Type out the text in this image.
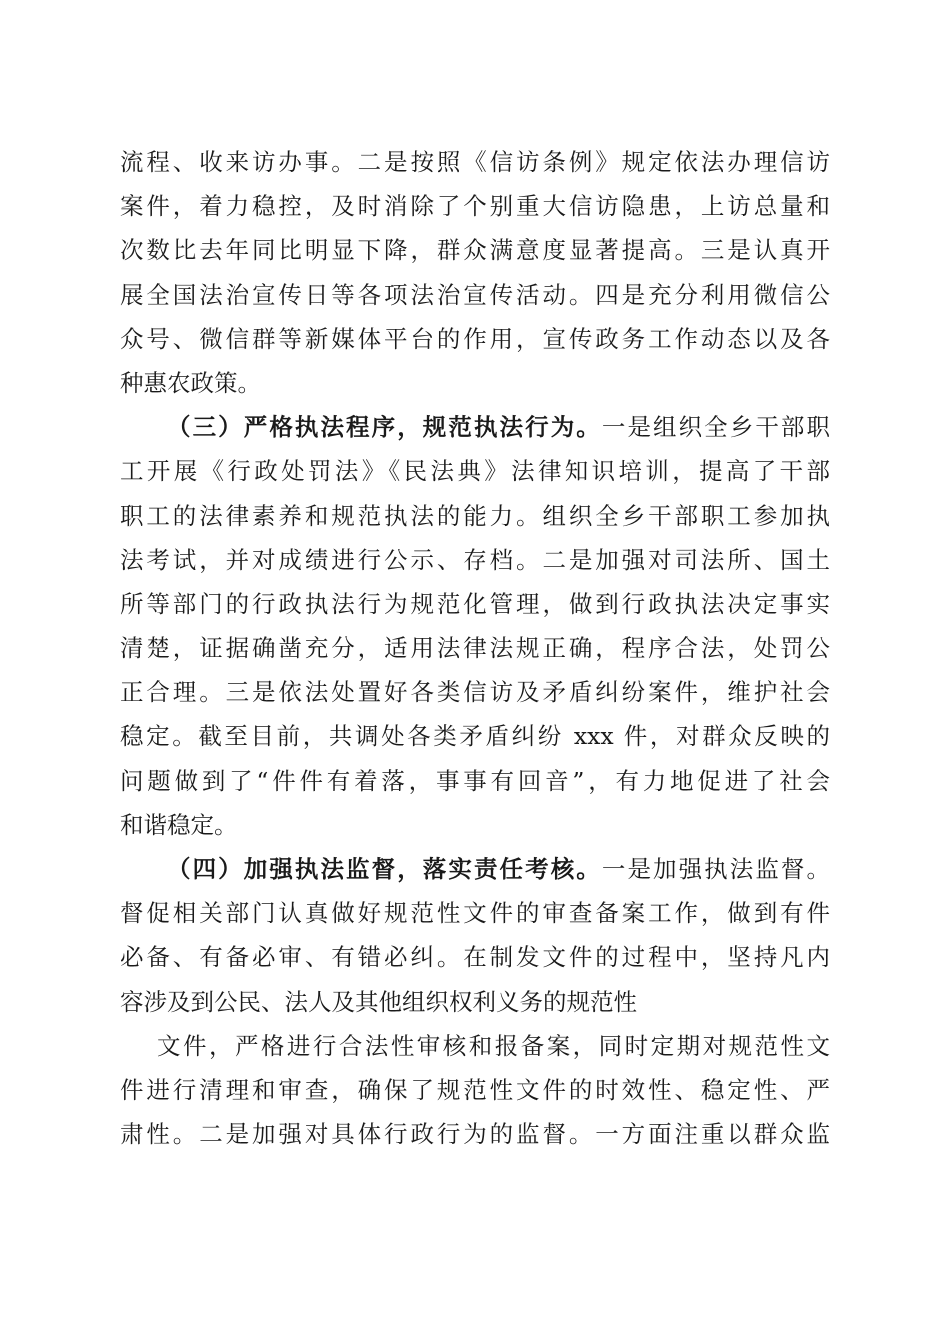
流程、收来访办事。二是按照《信访条例》规定依法办理信访
案件，着力稳控，及时消除了个别重大信访隐患，上访总量和
次数比去年同比明显下降，群众满意度显著提高。三是认真开
展全国法治宣传日等各项法治宣传活动。四是充分利用微信公
众号、微信群等新媒体平台的作用，宣传政务工作动态以及各
种惠农政策。
（三）严格执法程序，规范执法行为。一是组织全乡干部职
工开展《行政处罚法》《民法典》法律知识培训，提高了干部
职工的法律素养和规范执法的能力。组织全乡干部职工参加执
法考试，并对成绩进行公示、存档。二是加强对司法所、国土
所等部门的行政执法行为规范化管理，做到行政执法决定事实
清楚，证据确凿充分，适用法律法规正确，程序合法，处罚公
正合理。三是依法处置好各类信访及矛盾纠纷案件，维护社会
稳定。截至目前，共调处各类矛盾纠纷 xxx 件，对群众反映的
问题做到了“件件有着落，事事有回音”，有力地促进了社会
和谐稳定。
（四）加强执法监督，落实责任考核。一是加强执法监督。
督促相关部门认真做好规范性文件的审查备案工作，做到有件
必备、有备必审、有错必纠。在制发文件的过程中，坚持凡内
容涉及到公民、法人及其他组织权利义务的规范性
文件，严格进行合法性审核和报备案，同时定期对规范性文
件进行清理和审查，确保了规范性文件的时效性、稳定性、严
肃性。二是加强对具体行政行为的监督。一方面注重以群众监
